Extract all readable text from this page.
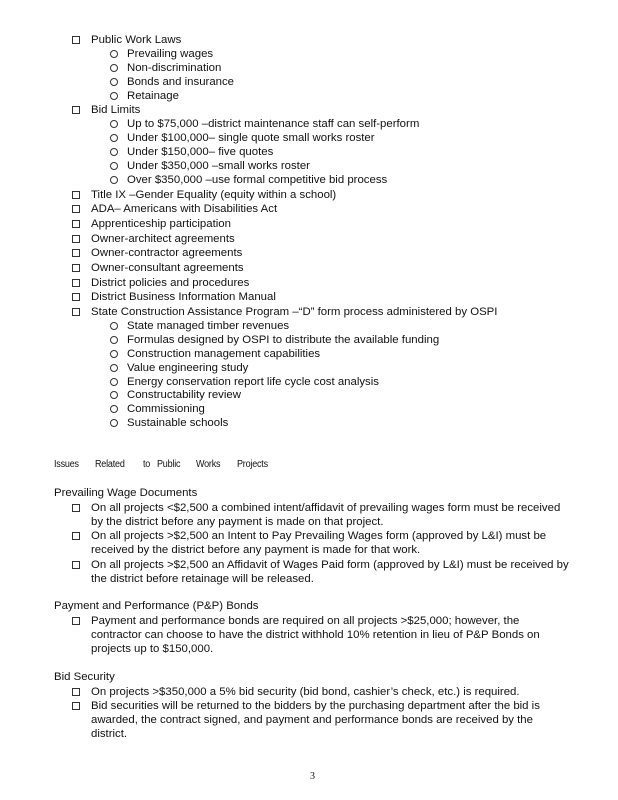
Public Work Laws
Prevailing wages
Non-discrimination
Bonds and insurance
Retainage
Bid Limits
Up to $75,000 –district maintenance staff can self-perform
Under $100,000– single quote small works roster
Under $150,000– five quotes
Under $350,000 –small works roster
Over $350,000 –use formal competitive bid process
Title IX –Gender Equality (equity within a school)
ADA– Americans with Disabilities Act
Apprenticeship participation
Owner-architect agreements
Owner-contractor agreements
Owner-consultant agreements
District policies and procedures
District Business Information Manual
State Construction Assistance Program –“D” form process administered by OSPI
State managed timber revenues
Formulas designed by OSPI to distribute the available funding
Construction management capabilities
Value engineering study
Energy conservation report life cycle cost analysis
Constructability review
Commissioning
Sustainable schools
Issues Related to Public Works Projects
Prevailing Wage Documents
On all projects <$2,500 a combined intent/affidavit of prevailing wages form must be received by the district before any payment is made on that project.
On all projects >$2,500 an Intent to Pay Prevailing Wages form (approved by L&I) must be received by the district before any payment is made for that work.
On all projects >$2,500 an Affidavit of Wages Paid form (approved by L&I) must be received by the district before retainage will be released.
Payment and Performance (P&P) Bonds
Payment and performance bonds are required on all projects >$25,000; however, the contractor can choose to have the district withhold 10% retention in lieu of P&P Bonds on projects up to $150,000.
Bid Security
On projects >$350,000 a 5% bid security (bid bond, cashier’s check, etc.) is required.
Bid securities will be returned to the bidders by the purchasing department after the bid is awarded, the contract signed, and payment and performance bonds are received by the district.
3
